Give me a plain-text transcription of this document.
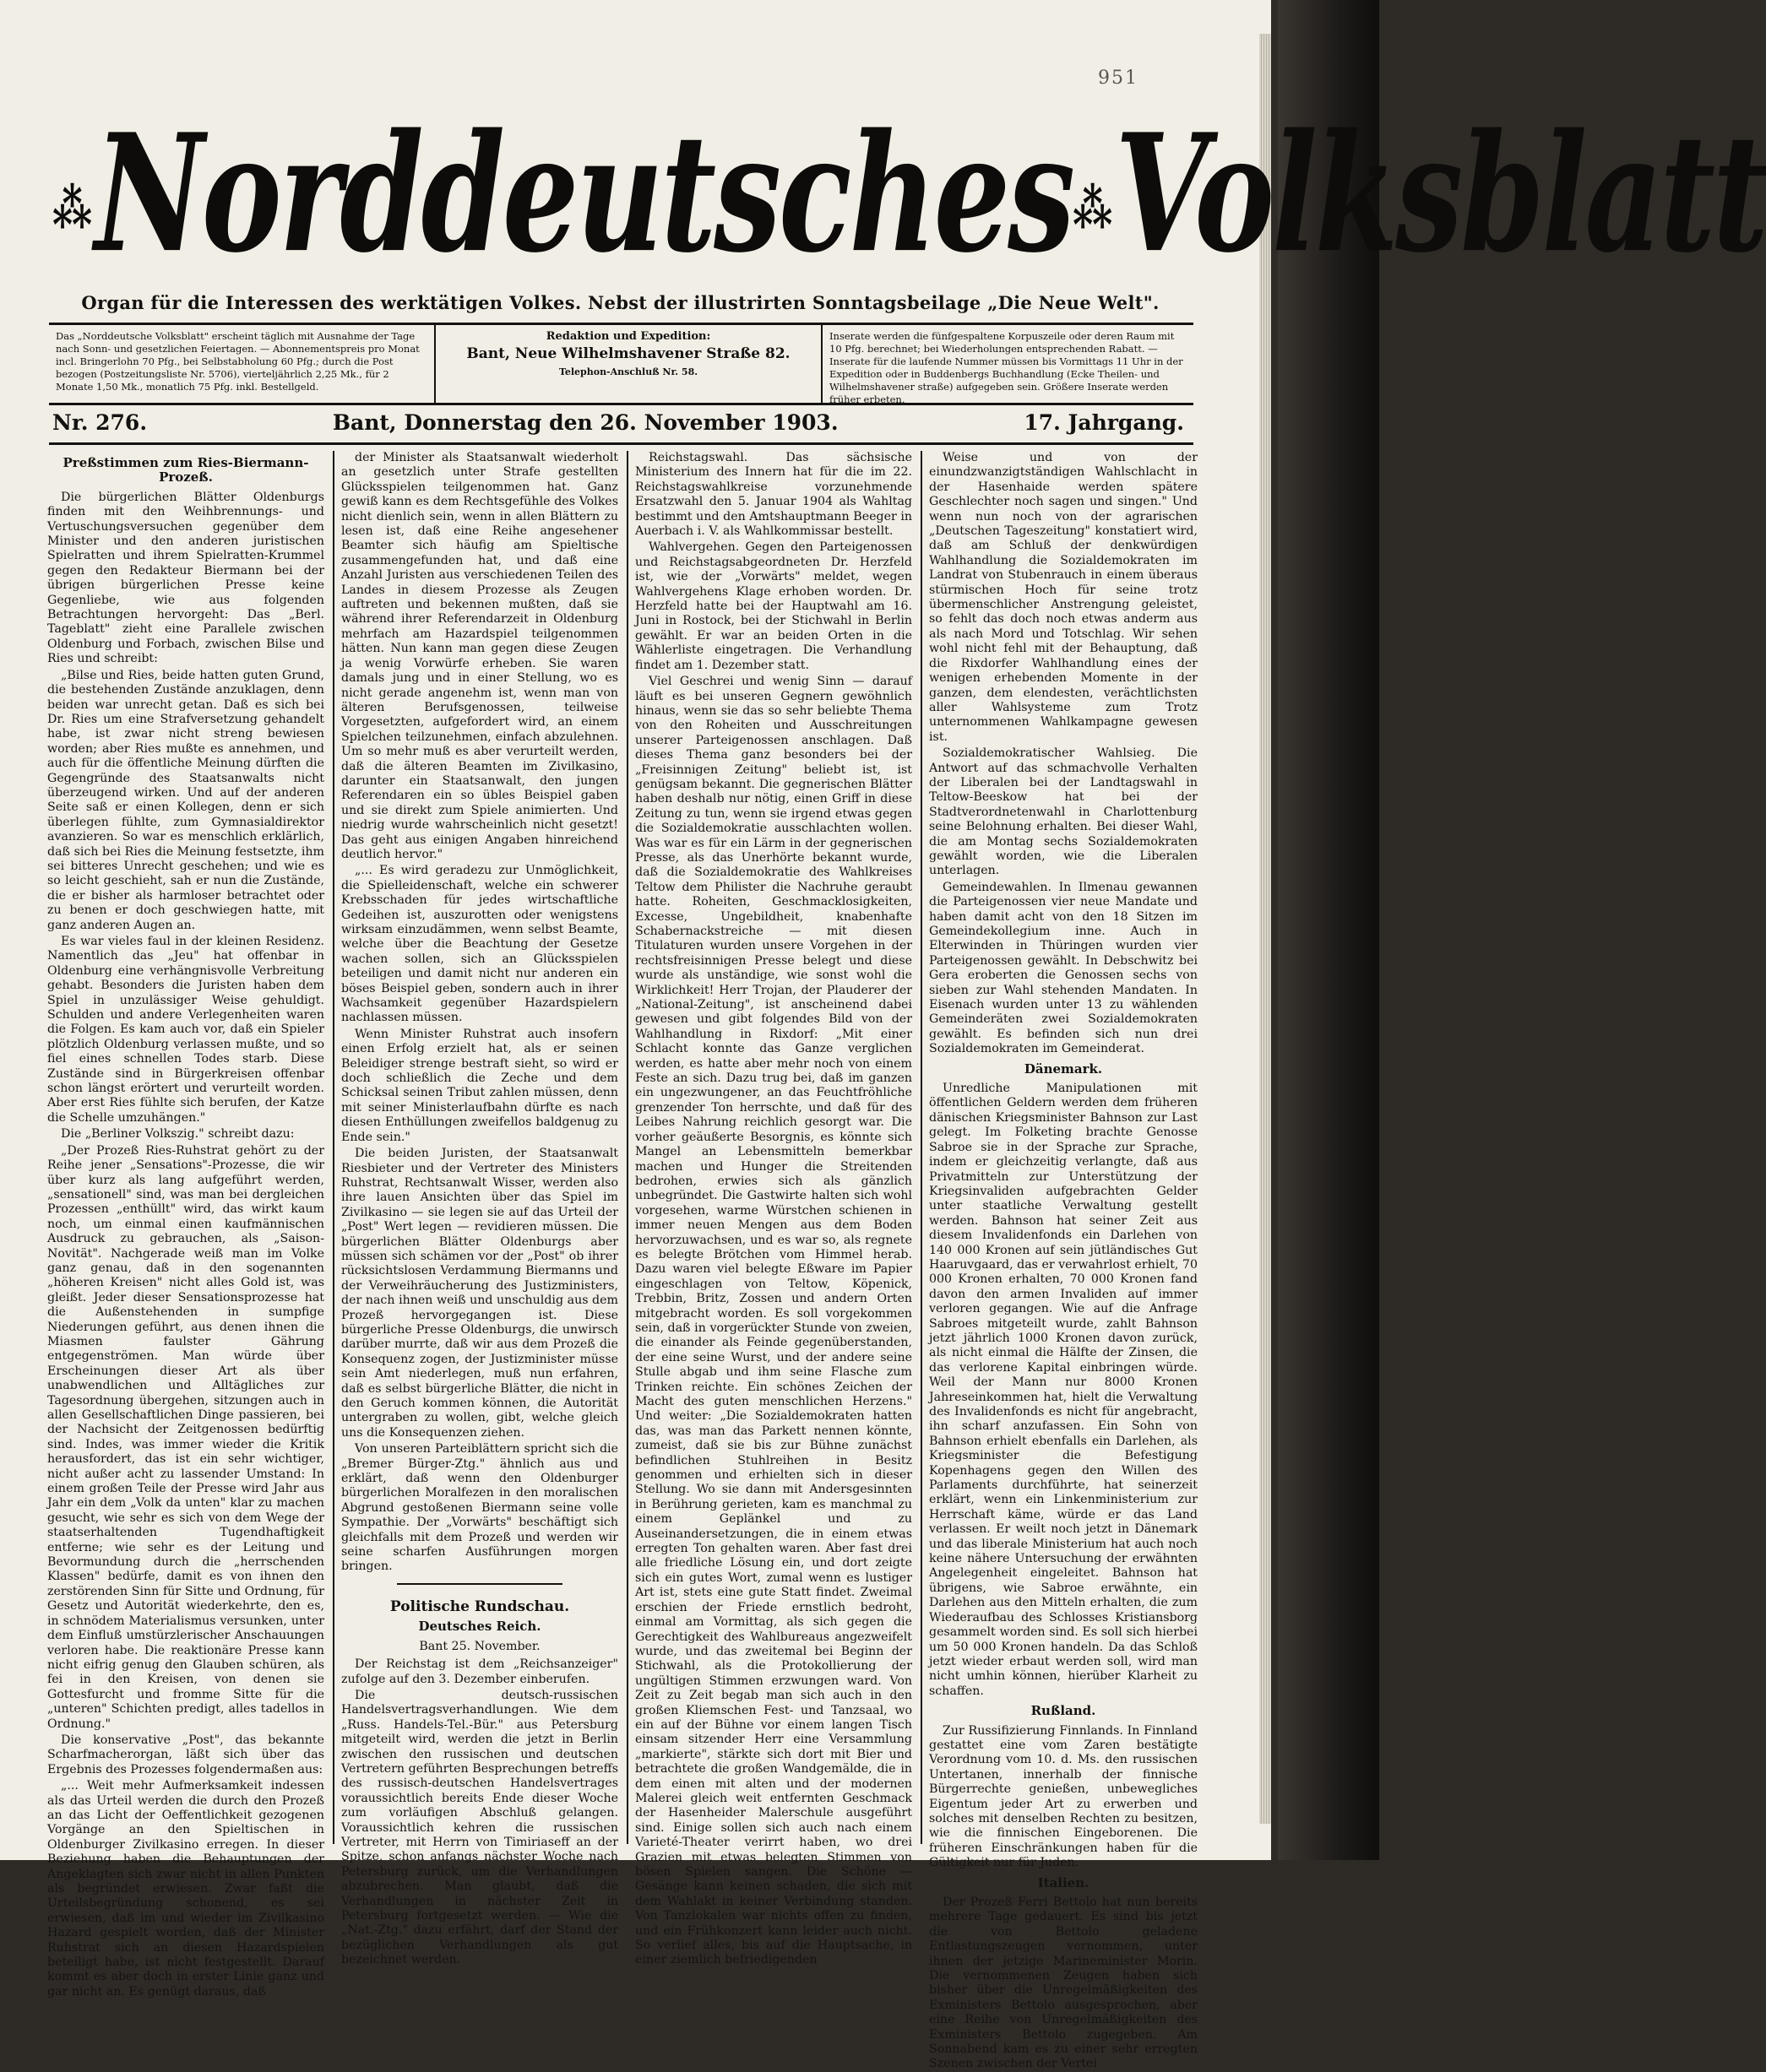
951
⁂Norddeutsches ⁂Volksblatt
Organ für die Interessen des werktätigen Volkes. Nebst der illustrirten Sonntagsbeilage „Die Neue Welt".
Das „Norddeutsche Volksblatt" erscheint täglich mit Ausnahme der Tage nach Sonn- und gesetzlichen Feiertagen. — Abonnementspreis pro Monat incl. Bringerlohn 70 Pfg., bei Selbstabholung 60 Pfg.; durch die Post bezogen (Postzeitungsliste Nr. 5706), vierteljährlich 2,25 Mk., für 2 Monate 1,50 Mk., monatlich 75 Pfg. inkl. Bestellgeld.
Redaktion und Expedition:
Bant, Neue Wilhelmshavener Straße 82.
Telephon-Anschluß Nr. 58.
Inserate werden die fünfgespaltene Korpuszeile oder deren Raum mit 10 Pfg. berechnet; bei Wiederholungen entsprechenden Rabatt. — Inserate für die laufende Nummer müssen bis Vormittags 11 Uhr in der Expedition oder in Buddenbergs Buchhandlung (Ecke Theilen- und Wilhelmshavener straße) aufgegeben sein. Größere Inserate werden früher erbeten.
Nr. 276.	Bant, Donnerstag den 26. November 1903.	17. Jahrgang.

Preßstimmen zum Ries-Biermann-Prozeß.

Die bürgerlichen Blätter Oldenburgs finden mit den Weihbrennungs- und Vertuschungsversuchen gegenüber dem Minister und den anderen juristischen Spielratten und ihrem Spielratten-Krummel gegen den Redakteur Biermann bei der übrigen bürgerlichen Presse keine Gegenliebe, wie aus folgenden Betrachtungen hervorgeht: Das „Berl. Tageblatt" zieht eine Parallele zwischen Oldenburg und Forbach, zwischen Bilse und Ries und schreibt:

„Bilse und Ries, beide hatten guten Grund, die bestehenden Zustände anzuklagen, denn beiden war unrecht getan. Daß es sich bei Dr. Ries um eine Strafversetzung gehandelt habe, ist zwar nicht streng bewiesen worden; aber Ries mußte es annehmen, und auch für die öffentliche Meinung dürften die Gegengründe des Staatsanwalts nicht überzeugend wirken. Und auf der anderen Seite saß er einen Kollegen, denn er sich überlegen fühlte, zum Gymnasialdirektor avanzieren. So war es menschlich erklärlich, daß sich bei Ries die Meinung festsetzte, ihm sei bitteres Unrecht geschehen; und wie es so leicht geschieht, sah er nun die Zustände, die er bisher als harmloser betrachtet oder zu benen er doch geschwiegen hatte, mit ganz anderen Augen an.

Es war vieles faul in der kleinen Residenz. Namentlich das „Jeu" hat offenbar in Oldenburg eine verhängnisvolle Verbreitung gehabt. Besonders die Juristen haben dem Spiel in unzulässiger Weise gehuldigt. Schulden und andere Verlegenheiten waren die Folgen. Es kam auch vor, daß ein Spieler plötzlich Oldenburg verlassen mußte, und so fiel eines schnellen Todes starb. Diese Zustände sind in Bürgerkreisen offenbar schon längst erörtert und verurteilt worden. Aber erst Ries fühlte sich berufen, der Katze die Schelle umzuhängen."

Die „Berliner Volkszig." schreibt dazu:

„Der Prozeß Ries-Ruhstrat gehört zu der Reihe jener „Sensations"-Prozesse, die wir über kurz als lang aufgeführt werden, „sensationell" sind, was man bei dergleichen Prozessen „enthüllt" wird, das wirkt kaum noch, um einmal einen kaufmännischen Ausdruck zu gebrauchen, als „Saison-Novität". Nachgerade weiß man im Volke ganz genau, daß in den sogenannten „höheren Kreisen" nicht alles Gold ist, was gleißt. Jeder dieser Sensationsprozesse hat die Außenstehenden in sumpfige Niederungen geführt, aus denen ihnen die Miasmen faulster Gährung entgegenströmen. Man würde über Erscheinungen dieser Art als über unabwendlichen und Alltägliches zur Tagesordnung übergehen, sitzungen auch in allen Gesellschaftlichen Dinge passieren, bei der Nachsicht der Zeitgenossen bedürftig sind. Indes, was immer wieder die Kritik herausfordert, das ist ein sehr wichtiger, nicht außer acht zu lassender Umstand: In einem großen Teile der Presse wird Jahr aus Jahr ein dem „Volk da unten" klar zu machen gesucht, wie sehr es sich von dem Wege der staatserhaltenden Tugendhaftigkeit entferne; wie sehr es der Leitung und Bevormundung durch die „herrschenden Klassen" bedürfe, damit es von ihnen den zerstörenden Sinn für Sitte und Ordnung, für Gesetz und Autorität wiederkehrte, den es, in schnödem Materialismus versunken, unter dem Einfluß umstürzlerischer Anschauungen verloren habe. Die reaktionäre Presse kann nicht eifrig genug den Glauben schüren, als fei in den Kreisen, von denen sie Gottesfurcht und fromme Sitte für die „unteren" Schichten predigt, alles tadellos in Ordnung."

Die konservative „Post", das bekannte Scharfmacherorgan, läßt sich über das Ergebnis des Prozesses folgendermaßen aus:

„... Weit mehr Aufmerksamkeit indessen als das Urteil werden die durch den Prozeß an das Licht der Oeffentlichkeit gezogenen Vorgänge an den Spieltischen in Oldenburger Zivilkasino erregen. In dieser Beziehung haben die Behauptungen der Angeklagten sich zwar nicht in allen Punkten als begründet erwiesen. Zwar faßt die Urteilsbegründung schonend, es sei erwiesen, daß im und wieder im Zivilkasino Hazard gespielt worden, daß der Minister Ruhstrat sich an diesen Hazardspielen beteiligt habe, ist nicht festgestellt. Darauf kommt es aber doch in erster Linie ganz und gar nicht an. Es genügt daraus, daß

der Minister als Staatsanwalt wiederholt an gesetzlich unter Strafe gestellten Glücksspielen teilgenommen hat. Ganz gewiß kann es dem Rechtsgefühle des Volkes nicht dienlich sein, wenn in allen Blättern zu lesen ist, daß eine Reihe angesehener Beamter sich häufig am Spieltische zusammengefunden hat, und daß eine Anzahl Juristen aus verschiedenen Teilen des Landes in diesem Prozesse als Zeugen auftreten und bekennen mußten, daß sie während ihrer Referendarzeit in Oldenburg mehrfach am Hazardspiel teilgenommen hätten. Nun kann man gegen diese Zeugen ja wenig Vorwürfe erheben. Sie waren damals jung und in einer Stellung, wo es nicht gerade angenehm ist, wenn man von älteren Berufsgenossen, teilweise Vorgesetzten, aufgefordert wird, an einem Spielchen teilzunehmen, einfach abzulehnen. Um so mehr muß es aber verurteilt werden, daß die älteren Beamten im Zivilkasino, darunter ein Staatsanwalt, den jungen Referendaren ein so übles Beispiel gaben und sie direkt zum Spiele animierten. Und niedrig wurde wahrscheinlich nicht gesetzt! Das geht aus einigen Angaben hinreichend deutlich hervor."

„... Es wird geradezu zur Unmöglichkeit, die Spielleidenschaft, welche ein schwerer Krebsschaden für jedes wirtschaftliche Gedeihen ist, auszurotten oder wenigstens wirksam einzudämmen, wenn selbst Beamte, welche über die Beachtung der Gesetze wachen sollen, sich an Glücksspielen beteiligen und damit nicht nur anderen ein böses Beispiel geben, sondern auch in ihrer Wachsamkeit gegenüber Hazardspielern nachlassen müssen.

Wenn Minister Ruhstrat auch insofern einen Erfolg erzielt hat, als er seinen Beleidiger strenge bestraft sieht, so wird er doch schließlich die Zeche und dem Schicksal seinen Tribut zahlen müssen, denn mit seiner Ministerlaufbahn dürfte es nach diesen Enthüllungen zweifellos baldgenug zu Ende sein."

Die beiden Juristen, der Staatsanwalt Riesbieter und der Vertreter des Ministers Ruhstrat, Rechtsanwalt Wisser, werden also ihre lauen Ansichten über das Spiel im Zivilkasino — sie legen sie auf das Urteil der „Post" Wert legen — revidieren müssen. Die bürgerlichen Blätter Oldenburgs aber müssen sich schämen vor der „Post" ob ihrer rücksichtslosen Verdammung Biermanns und der Verweihräucherung des Justizministers, der nach ihnen weiß und unschuldig aus dem Prozeß hervorgegangen ist. Diese bürgerliche Presse Oldenburgs, die unwirsch darüber murrte, daß wir aus dem Prozeß die Konsequenz zogen, der Justizminister müsse sein Amt niederlegen, muß nun erfahren, daß es selbst bürgerliche Blätter, die nicht in den Geruch kommen können, die Autorität untergraben zu wollen, gibt, welche gleich uns die Konsequenzen ziehen.

Von unseren Parteiblättern spricht sich die „Bremer Bürger-Ztg." ähnlich aus und erklärt, daß wenn den Oldenburger bürgerlichen Moralfezen in den moralischen Abgrund gestoßenen Biermann seine volle Sympathie. Der „Vorwärts" beschäftigt sich gleichfalls mit dem Prozeß und werden wir seine scharfen Ausführungen morgen bringen.

Politische Rundschau.

Deutsches Reich.

Bant 25. November.

Der Reichstag ist dem „Reichsanzeiger" zufolge auf den 3. Dezember einberufen.

Die deutsch-russischen Handelsvertragsverhandlungen. Wie dem „Russ. Handels-Tel.-Bür." aus Petersburg mitgeteilt wird, werden die jetzt in Berlin zwischen den russischen und deutschen Vertretern geführten Besprechungen betreffs des russisch-deutschen Handelsvertrages voraussichtlich bereits Ende dieser Woche zum vorläufigen Abschluß gelangen. Voraussichtlich kehren die russischen Vertreter, mit Herrn von Timiriaseff an der Spitze, schon anfangs nächster Woche nach Petersburg zurück, um die Verhandlungen abzubrechen. Man glaubt, daß die Verhandlungen in nächster Zeit in Petersburg fortgesetzt werden. — Wie die „Nat.-Ztg." dazu erfährt, darf der Stand der bezüglichen Verhandlungen als gut bezeichnet werden.

Reichstagswahl. Das sächsische Ministerium des Innern hat für die im 22. Reichstagswahlkreise vorzunehmende Ersatzwahl den 5. Januar 1904 als Wahltag bestimmt und den Amtshauptmann Beeger in Auerbach i. V. als Wahlkommissar bestellt.

Wahlvergehen. Gegen den Parteigenossen und Reichstagsabgeordneten Dr. Herzfeld ist, wie der „Vorwärts" meldet, wegen Wahlvergehens Klage erhoben worden. Dr. Herzfeld hatte bei der Hauptwahl am 16. Juni in Rostock, bei der Stichwahl in Berlin gewählt. Er war an beiden Orten in die Wählerliste eingetragen. Die Verhandlung findet am 1. Dezember statt.

Viel Geschrei und wenig Sinn — darauf läuft es bei unseren Gegnern gewöhnlich hinaus, wenn sie das so sehr beliebte Thema von den Roheiten und Ausschreitungen unserer Parteigenossen anschlagen. Daß dieses Thema ganz besonders bei der „Freisinnigen Zeitung" beliebt ist, ist genügsam bekannt. Die gegnerischen Blätter haben deshalb nur nötig, einen Griff in diese Zeitung zu tun, wenn sie irgend etwas gegen die Sozialdemokratie ausschlachten wollen. Was war es für ein Lärm in der gegnerischen Presse, als das Unerhörte bekannt wurde, daß die Sozialdemokratie des Wahlkreises Teltow dem Philister die Nachruhe geraubt hatte. Roheiten, Geschmacklosigkeiten, Excesse, Ungebildheit, knabenhafte Schabernackstreiche — mit diesen Titulaturen wurden unsere Vorgehen in der rechtsfreisinnigen Presse belegt und diese wurde als unständige, wie sonst wohl die Wirklichkeit! Herr Trojan, der Plauderer der „National-Zeitung", ist anscheinend dabei gewesen und gibt folgendes Bild von der Wahlhandlung in Rixdorf: „Mit einer Schlacht konnte das Ganze verglichen werden, es hatte aber mehr noch von einem Feste an sich. Dazu trug bei, daß im ganzen ein ungezwungener, an das Feuchtfröhliche grenzender Ton herrschte, und daß für des Leibes Nahrung reichlich gesorgt war. Die vorher geäußerte Besorgnis, es könnte sich Mangel an Lebensmitteln bemerkbar machen und Hunger die Streitenden bedrohen, erwies sich als gänzlich unbegründet. Die Gastwirte halten sich wohl vorgesehen, warme Würstchen schienen in immer neuen Mengen aus dem Boden hervorzuwachsen, und es war so, als regnete es belegte Brötchen vom Himmel herab. Dazu waren viel belegte Eßware im Papier eingeschlagen von Teltow, Köpenick, Trebbin, Britz, Zossen und andern Orten mitgebracht worden. Es soll vorgekommen sein, daß in vorgerückter Stunde von zweien, die einander als Feinde gegenüberstanden, der eine seine Wurst, und der andere seine Stulle abgab und ihm seine Flasche zum Trinken reichte. Ein schönes Zeichen der Macht des guten menschlichen Herzens." Und weiter: „Die Sozialdemokraten hatten das, was man das Parkett nennen könnte, zumeist, daß sie bis zur Bühne zunächst befindlichen Stuhlreihen in Besitz genommen und erhielten sich in dieser Stellung. Wo sie dann mit Andersgesinnten in Berührung gerieten, kam es manchmal zu einem Geplänkel und zu Auseinandersetzungen, die in einem etwas erregten Ton gehalten waren. Aber fast drei alle friedliche Lösung ein, und dort zeigte sich ein gutes Wort, zumal wenn es lustiger Art ist, stets eine gute Statt findet. Zweimal erschien der Friede ernstlich bedroht, einmal am Vormittag, als sich gegen die Gerechtigkeit des Wahlbureaus angezweifelt wurde, und das zweitemal bei Beginn der Stichwahl, als die Protokollierung der ungültigen Stimmen erzwungen ward. Von Zeit zu Zeit begab man sich auch in den großen Kliemschen Fest- und Tanzsaal, wo ein auf der Bühne vor einem langen Tisch einsam sitzender Herr eine Versammlung „markierte", stärkte sich dort mit Bier und betrachtete die großen Wandgemälde, die in dem einen mit alten und der modernen Malerei gleich weit entfernten Geschmack der Hasenheider Malerschule ausgeführt sind. Einige sollen sich auch nach einem Varieté-Theater verirrt haben, wo drei Grazien mit etwas belegten Stimmen von bösen Spielen sangen. Die Schöne — Gesänge kann keinen schaden, die sich mit dem Wahlakt in keiner Verbindung standen. Von Tanzlokalen war nichts offen zu finden, und ein Frühkonzert kann leider auch nicht. So verlief alles, bis auf die Hauptsache, in einer ziemlich befriedigenden

Weise und von der einundzwanzigtständigen Wahlschlacht in der Hasenhaide werden spätere Geschlechter noch sagen und singen." Und wenn nun noch von der agrarischen „Deutschen Tageszeitung" konstatiert wird, daß am Schluß der denkwürdigen Wahlhandlung die Sozialdemokraten im Landrat von Stubenrauch in einem überaus stürmischen Hoch für seine trotz übermenschlicher Anstrengung geleistet, so fehlt das doch noch etwas anderm aus als nach Mord und Totschlag. Wir sehen wohl nicht fehl mit der Behauptung, daß die Rixdorfer Wahlhandlung eines der wenigen erhebenden Momente in der ganzen, dem elendesten, verächtlichsten aller Wahlsysteme zum Trotz unternommenen Wahlkampagne gewesen ist.

Sozialdemokratischer Wahlsieg. Die Antwort auf das schmachvolle Verhalten der Liberalen bei der Landtagswahl in Teltow-Beeskow hat bei der Stadtverordnetenwahl in Charlottenburg seine Belohnung erhalten. Bei dieser Wahl, die am Montag sechs Sozialdemokraten gewählt worden, wie die Liberalen unterlagen.

Gemeindewahlen. In Ilmenau gewannen die Parteigenossen vier neue Mandate und haben damit acht von den 18 Sitzen im Gemeindekollegium inne. Auch in Elterwinden in Thüringen wurden vier Parteigenossen gewählt. In Debschwitz bei Gera eroberten die Genossen sechs von sieben zur Wahl stehenden Mandaten. In Eisenach wurden unter 13 zu wählenden Gemeinderäten zwei Sozialdemokraten gewählt. Es befinden sich nun drei Sozialdemokraten im Gemeinderat.

Dänemark.

Unredliche Manipulationen mit öffentlichen Geldern werden dem früheren dänischen Kriegsminister Bahnson zur Last gelegt. Im Folketing brachte Genosse Sabroe sie in der Sprache zur Sprache, indem er gleichzeitig verlangte, daß aus Privatmitteln zur Unterstützung der Kriegsinvaliden aufgebrachten Gelder unter staatliche Verwaltung gestellt werden. Bahnson hat seiner Zeit aus diesem Invalidenfonds ein Darlehen von 140 000 Kronen auf sein jütländisches Gut Haaruvgaard, das er verwahrlost erhielt, 70 000 Kronen erhalten, 70 000 Kronen fand davon den armen Invaliden auf immer verloren gegangen. Wie auf die Anfrage Sabroes mitgeteilt wurde, zahlt Bahnson jetzt jährlich 1000 Kronen davon zurück, als nicht einmal die Hälfte der Zinsen, die das verlorene Kapital einbringen würde. Weil der Mann nur 8000 Kronen Jahreseinkommen hat, hielt die Verwaltung des Invalidenfonds es nicht für angebracht, ihn scharf anzufassen. Ein Sohn von Bahnson erhielt ebenfalls ein Darlehen, als Kriegsminister die Befestigung Kopenhagens gegen den Willen des Parlaments durchführte, hat seinerzeit erklärt, wenn ein Linkenministerium zur Herrschaft käme, würde er das Land verlassen. Er weilt noch jetzt in Dänemark und das liberale Ministerium hat auch noch keine nähere Untersuchung der erwähnten Angelegenheit eingeleitet. Bahnson hat übrigens, wie Sabroe erwähnte, ein Darlehen aus den Mitteln erhalten, die zum Wiederaufbau des Schlosses Kristiansborg gesammelt worden sind. Es soll sich hierbei um 50 000 Kronen handeln. Da das Schloß jetzt wieder erbaut werden soll, wird man nicht umhin können, hierüber Klarheit zu schaffen.

Rußland.

Zur Russifizierung Finnlands. In Finnland gestattet eine vom Zaren bestätigte Verordnung vom 10. d. Ms. den russischen Untertanen, innerhalb der finnische Bürgerrechte genießen, unbewegliches Eigentum jeder Art zu erwerben und solches mit denselben Rechten zu besitzen, wie die finnischen Eingeborenen. Die früheren Einschränkungen haben für die Gültigkeit nur für Juden.

Italien.

Der Prozeß Ferri Bettolo hat nun bereits mehrere Tage gedauert. Es sind bis jetzt die von Bettolo geladene Entlastungszeugen vernommen, unter ihnen der jetzige Marineminister Morin. Die vernommenen Zeugen haben sich bisher über die Unregelmäßigkeiten des Exministers Bettolo ausgesprochen, aber eine Reihe von Unregelmäßigkeiten des Exministers Bettolo zugegeben. Am Sonnabend kam es zu einer sehr erregten Szenen zwischen der Vertei
